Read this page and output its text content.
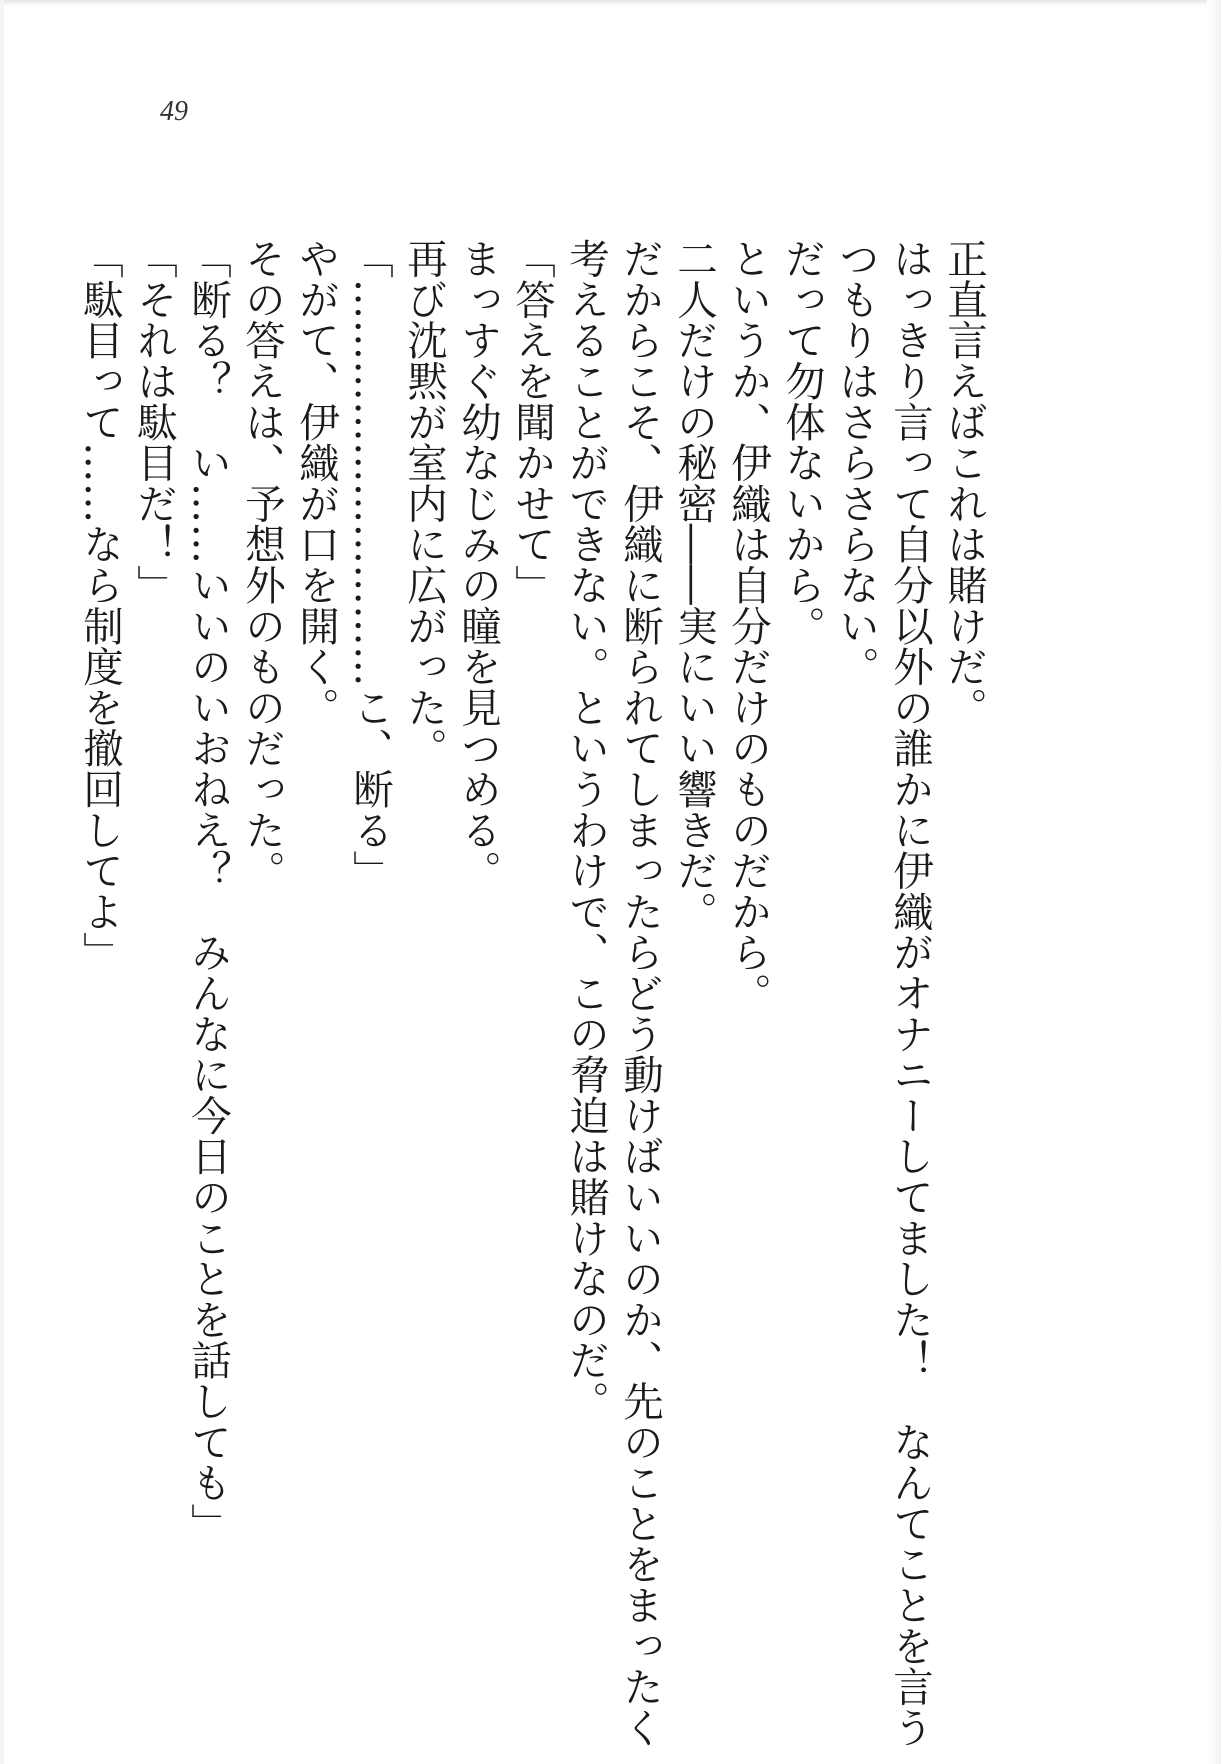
49
正直言えばこれは賭けだ。
はっきり言って自分以外の誰かに伊織がオナニーしてました！　なんてことを言う
つもりはさらさらない。
だって勿体ないから。
というか、伊織は自分だけのものだから。
二人だけの秘密――実にいい響きだ。
だからこそ、伊織に断られてしまったらどう動けばいいのか、先のことをまったく
考えることができない。というわけで、この脅迫は賭けなのだ。
「答えを聞かせて」
まっすぐ幼なじみの瞳を見つめる。
再び沈黙が室内に広がった。
「…………………………こ、断る」
やがて、伊織が口を開く。
その答えは、予想外のものだった。
「断る？　い……いいのいおねえ？　みんなに今日のことを話しても」
「それは駄目だ！」
「駄目って……なら制度を撤回してよ」
